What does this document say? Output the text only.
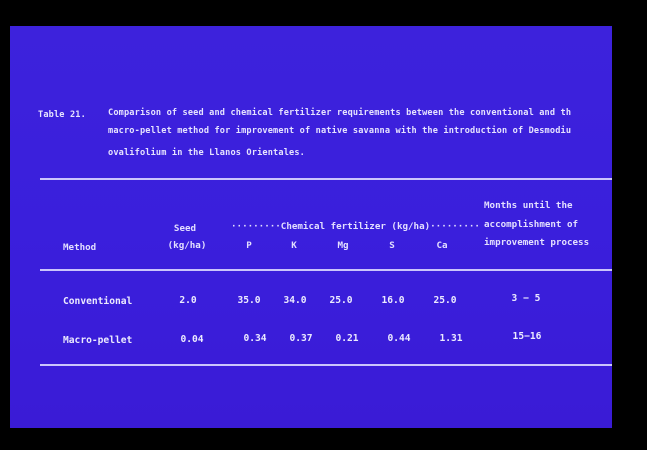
Table 21.	Comparison of seed and chemical fertilizer requirements between the conventional and th
macro-pellet method for improvement of native savanna with the introduction of Desmodiu
ovalifolium in the Llanos Orientales.
Method
Seed
(kg/ha)
·········Chemical fertilizer (kg/ha)·········
P	K	Mg	S	Ca
Months until the
accomplishment of
improvement process
Conventional	2.0	35.0 34.0 25.0	16.0	25.0	3 − 5
Macro-pellet	0.04	0.34 0.37 0.21	0.44	1.31	15−16
